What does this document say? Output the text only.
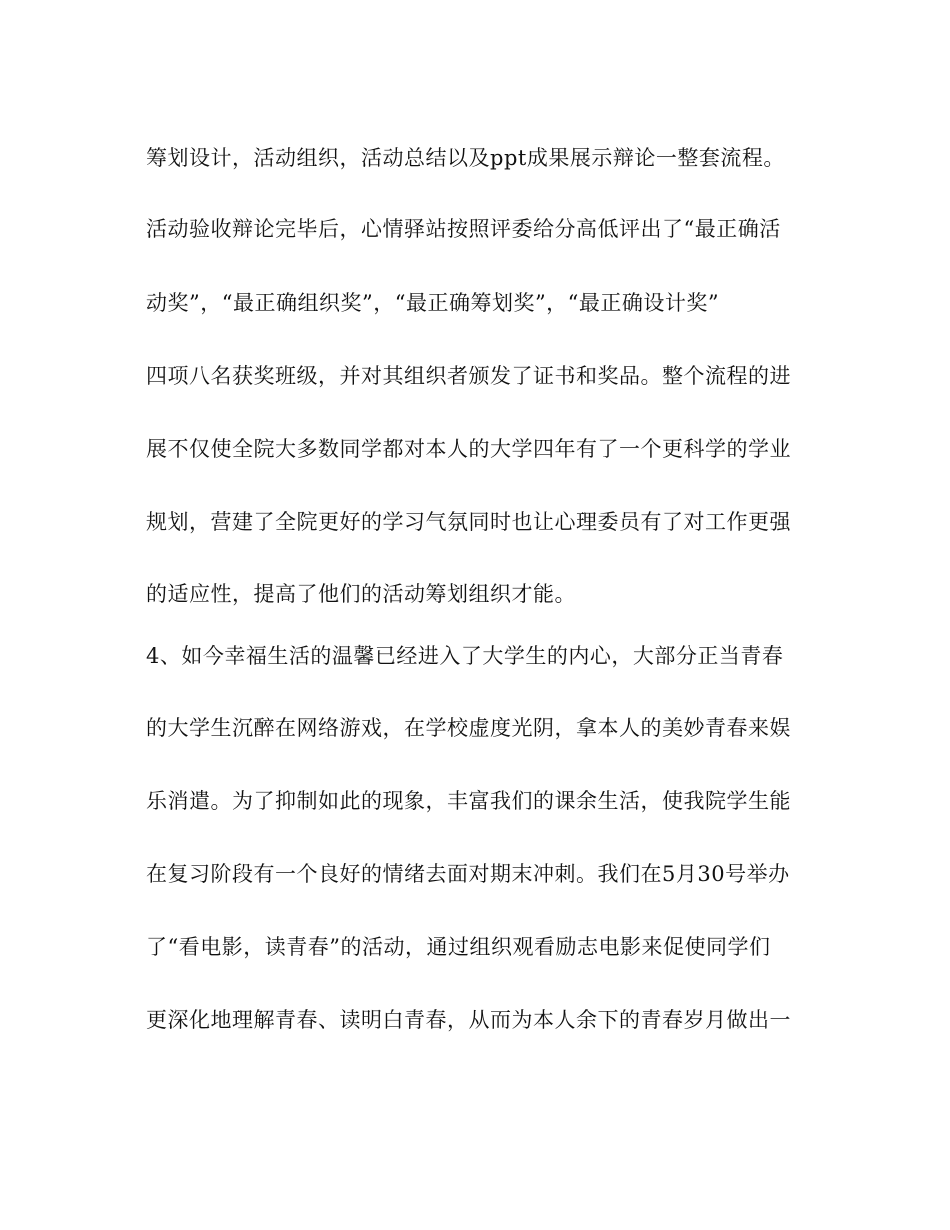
筹划设计，活动组织，活动总结以及ppt成果展示辩论一整套流程。
活动验收辩论完毕后，心情驿站按照评委给分高低评出了“最正确活
动奖”，“最正确组织奖”，“最正确筹划奖”，“最正确设计奖”
四项八名获奖班级，并对其组织者颁发了证书和奖品。整个流程的进
展不仅使全院大多数同学都对本人的大学四年有了一个更科学的学业
规划，营建了全院更好的学习气氛同时也让心理委员有了对工作更强
的适应性，提高了他们的活动筹划组织才能。
4、如今幸福生活的温馨已经进入了大学生的内心，大部分正当青春
的大学生沉醉在网络游戏，在学校虚度光阴，拿本人的美妙青春来娱
乐消遣。为了抑制如此的现象，丰富我们的课余生活，使我院学生能
在复习阶段有一个良好的情绪去面对期末冲刺。我们在5月30号举办
了“看电影，读青春”的活动，通过组织观看励志电影来促使同学们
更深化地理解青春、读明白青春，从而为本人余下的青春岁月做出一
